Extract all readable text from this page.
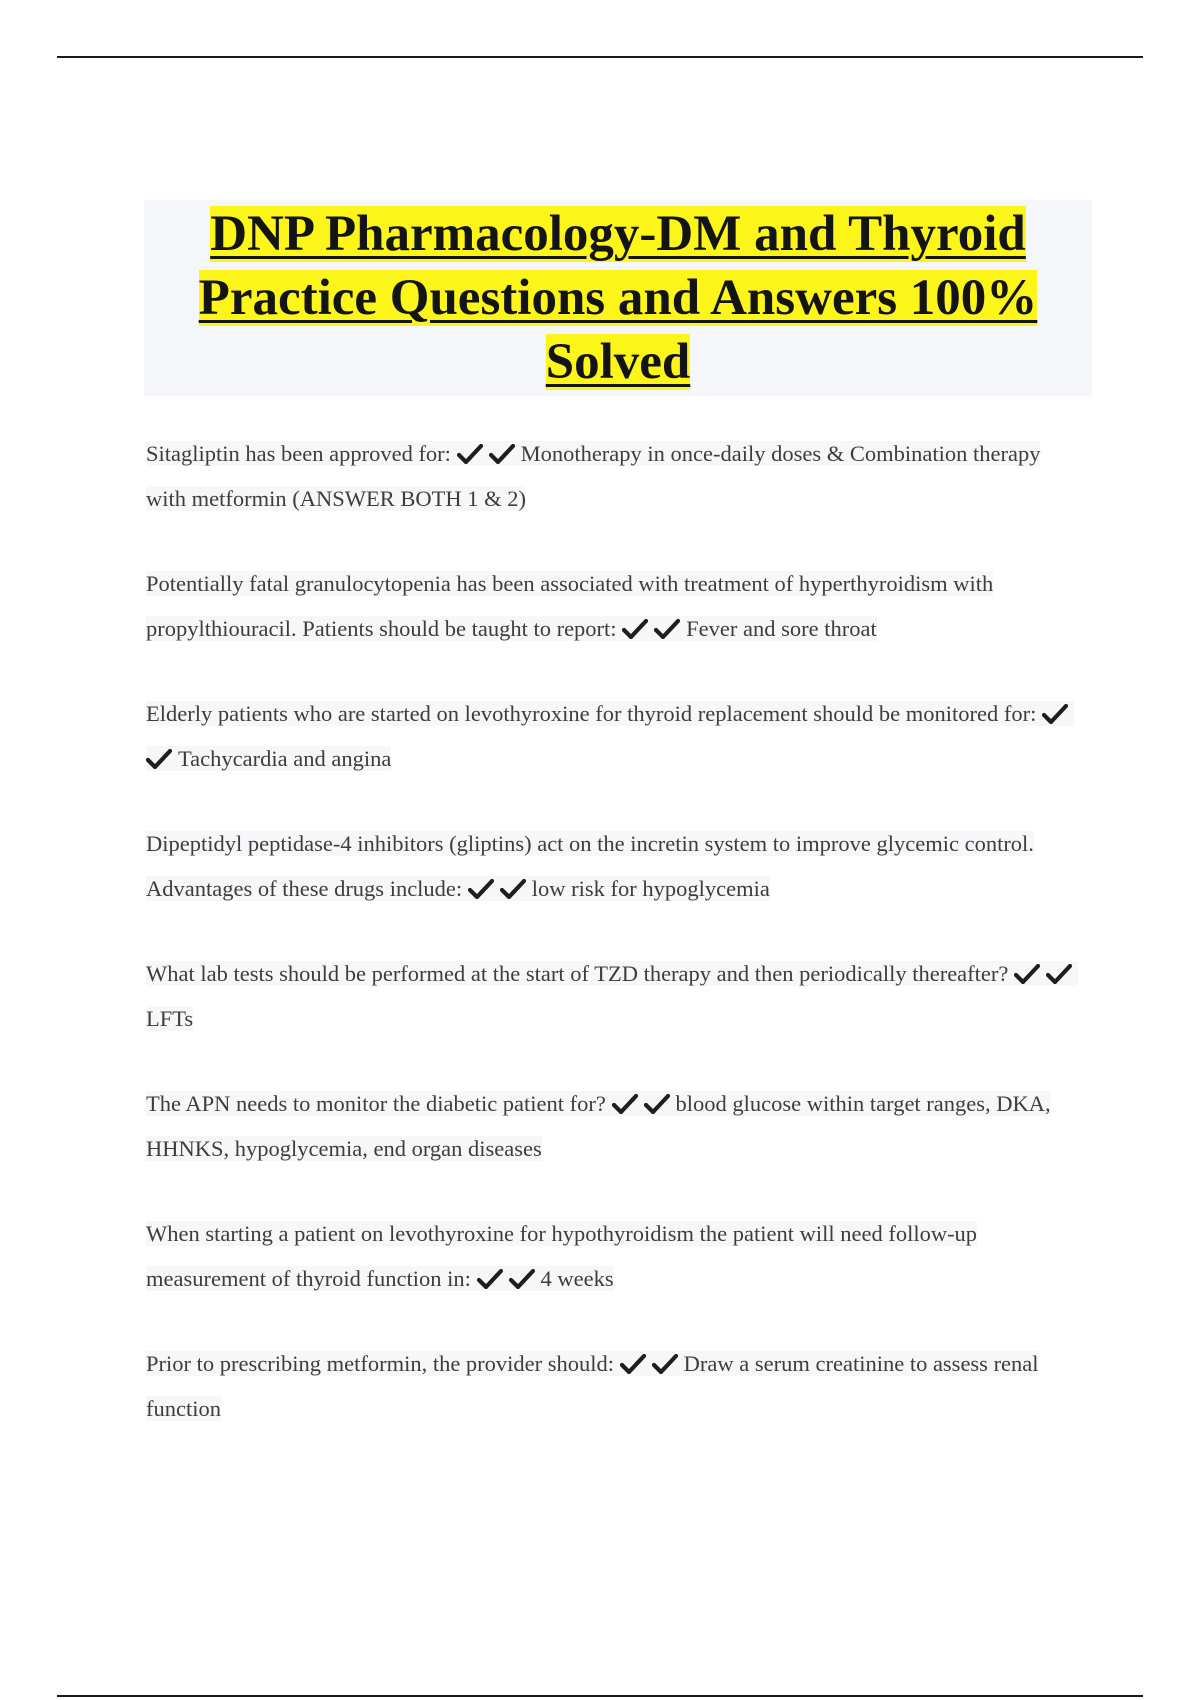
DNP Pharmacology-DM and Thyroid
Practice Questions and Answers 100%
Solved

Sitagliptin has been approved for:	Monotherapy in once-daily doses & Combination therapy with metformin (ANSWER BOTH 1 & 2)

Potentially fatal granulocytopenia has been associated with treatment of hyperthyroidism with propylthiouracil. Patients should be taught to report:	Fever and sore throat

Elderly patients who are started on levothyroxine for thyroid replacement should be monitored for:
Tachycardia and angina

Dipeptidyl peptidase-4 inhibitors (gliptins) act on the incretin system to improve glycemic control. Advantages of these drugs include:	low risk for hypoglycemia

What lab tests should be performed at the start of TZD therapy and then periodically thereafter?
LFTs

The APN needs to monitor the diabetic patient for?	blood glucose within target ranges, DKA, HHNKS, hypoglycemia, end organ diseases

When starting a patient on levothyroxine for hypothyroidism the patient will need follow-up measurement of thyroid function in:	4 weeks

Prior to prescribing metformin, the provider should:	Draw a serum creatinine to assess renal function
